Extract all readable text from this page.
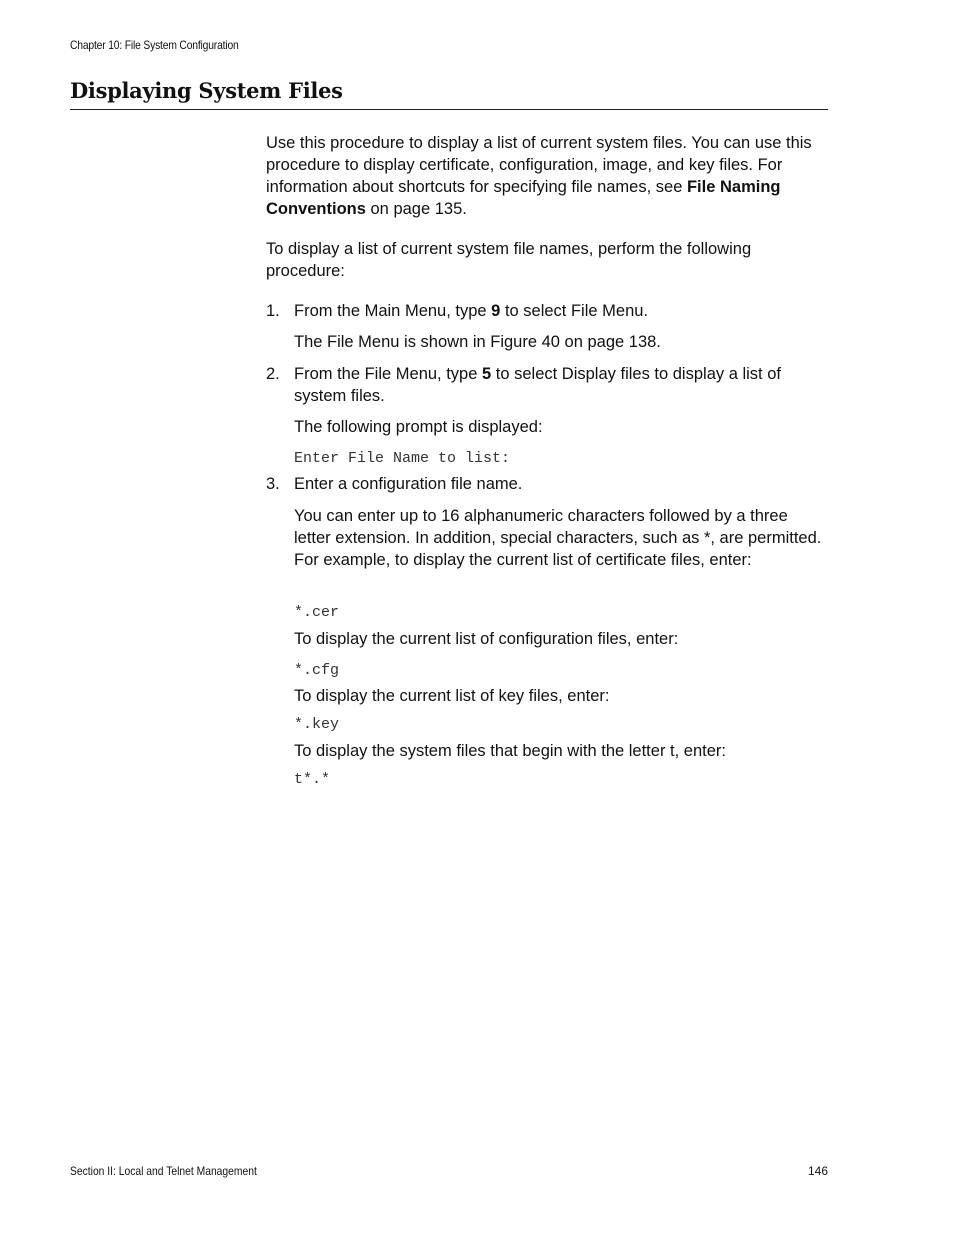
Chapter 10: File System Configuration
Displaying System Files

Use this procedure to display a list of current system files. You can use this procedure to display certificate, configuration, image, and key files. For information about shortcuts for specifying file names, see File Naming Conventions on page 135.

To display a list of current system file names, perform the following procedure:

1. From the Main Menu, type 9 to select File Menu.

The File Menu is shown in Figure 40 on page 138.

2. From the File Menu, type 5 to select Display files to display a list of system files.

The following prompt is displayed:

Enter File Name to list:

3. Enter a configuration file name.

You can enter up to 16 alphanumeric characters followed by a three letter extension. In addition, special characters, such as *, are permitted. For example, to display the current list of certificate files, enter:

*.cer

To display the current list of configuration files, enter:

*.cfg

To display the current list of key files, enter:

*.key

To display the system files that begin with the letter t, enter:

t*.*

Section II: Local and Telnet Management	146
